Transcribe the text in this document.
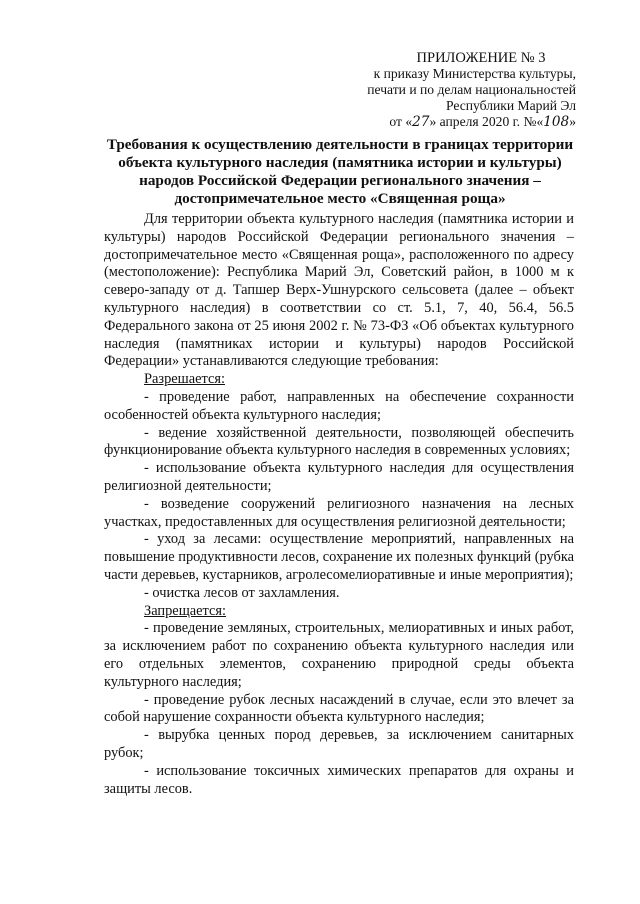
ПРИЛОЖЕНИЕ № 3
к приказу Министерства культуры,
печати и по делам национальностей
Республики Марий Эл
от «27» апреля 2020 г. №«108»
Требования к осуществлению деятельности в границах территории
объекта культурного наследия (памятника истории и культуры)
народов Российской Федерации регионального значения –
достопримечательное место «Священная роща»

Для территории объекта культурного наследия (памятника истории и культуры) народов Российской Федерации регионального значения – достопримечательное место «Священная роща», расположенного по адресу (местоположение): Республика Марий Эл, Советский район, в 1000 м к северо-западу от д. Тапшер Верх-Ушнурского сельсовета (далее – объект культурного наследия) в соответствии со ст. 5.1, 7, 40, 56.4, 56.5 Федерального закона от 25 июня 2002 г. № 73-ФЗ «Об объектах культурного наследия (памятниках истории и культуры) народов Российской Федерации» устанавливаются следующие требования:

Разрешается:

- проведение работ, направленных на обеспечение сохранности особенностей объекта культурного наследия;

- ведение хозяйственной деятельности, позволяющей обеспечить функционирование объекта культурного наследия в современных условиях;

- использование объекта культурного наследия для осуществления религиозной деятельности;

- возведение сооружений религиозного назначения на лесных участках, предоставленных для осуществления религиозной деятельности;

- уход за лесами: осуществление мероприятий, направленных на повышение продуктивности лесов, сохранение их полезных функций (рубка части деревьев, кустарников, агролесомелиоративные и иные мероприятия);

- очистка лесов от захламления.

Запрещается:

- проведение земляных, строительных, мелиоративных и иных работ, за исключением работ по сохранению объекта культурного наследия или его отдельных элементов, сохранению природной среды объекта культурного наследия;

- проведение рубок лесных насаждений в случае, если это влечет за собой нарушение сохранности объекта культурного наследия;

- вырубка ценных пород деревьев, за исключением санитарных рубок;

- использование токсичных химических препаратов для охраны и защиты лесов.
